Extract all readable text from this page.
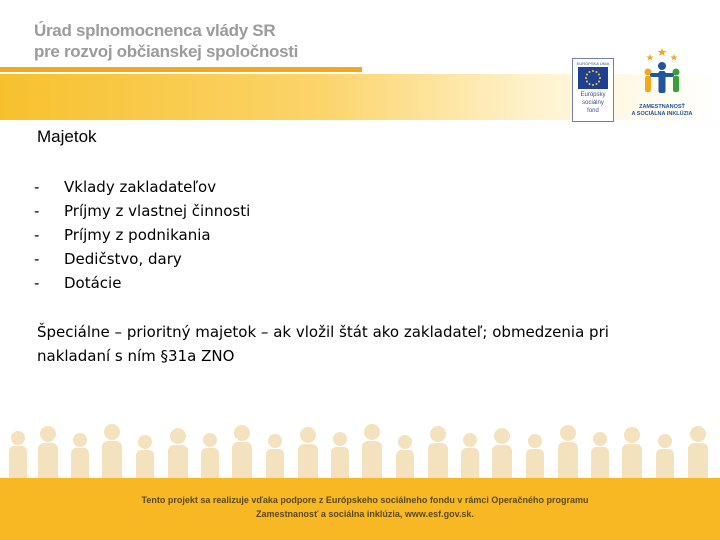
Úrad splnomocnenca vlády SR
pre rozvoj občianskej spoločnosti
EURÓPSKA ÚNIA
Európsky
sociálny
fond
ZAMESTNANOSŤ
A SOCIÁLNA INKLÚZIA
Majetok
- Vklady zakladateľov
- Príjmy z vlastnej činnosti
- Príjmy z podnikania
- Dedičstvo, dary
- Dotácie
Špeciálne – prioritný majetok – ak vložil štát ako zakladateľ; obmedzenia pri
nakladaní s ním §31a ZNO
Tento projekt sa realizuje vďaka podpore z Európskeho sociálneho fondu v rámci Operačného programu
Zamestnanosť a sociálna inklúzia, www.esf.gov.sk.
